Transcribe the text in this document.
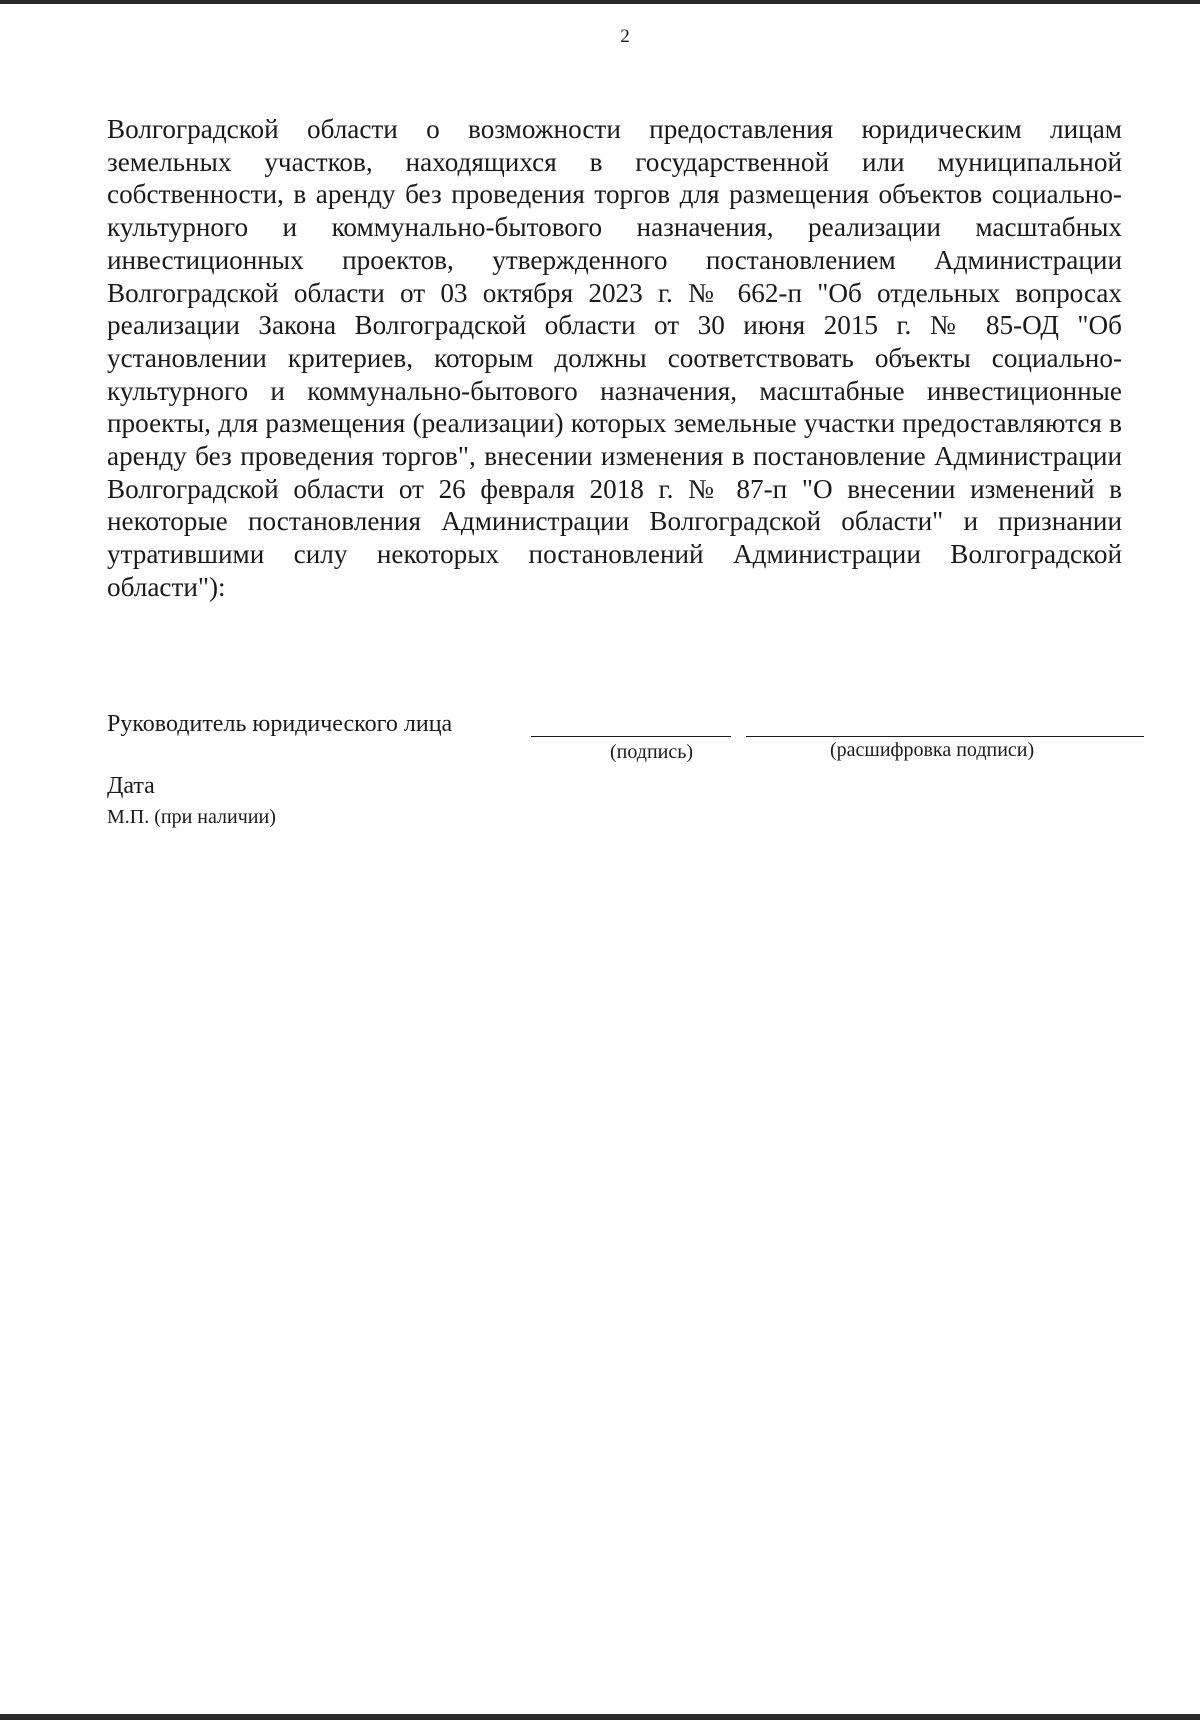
2

Волгоградской области о возможности предоставления юридическим лицам земельных участков, находящихся в государственной или муниципальной собственности, в аренду без проведения торгов для размещения объектов социально-культурного и коммунально-бытового назначения, реализации масштабных инвестиционных проектов, утвержденного постановлением Администрации Волгоградской области от 03 октября 2023 г. № 662-п "Об отдельных вопросах реализации Закона Волгоградской области от 30 июня 2015 г. № 85-ОД "Об установлении критериев, которым должны соответствовать объекты социально-культурного и коммунально-бытового назначения, масштабные инвестиционные проекты, для размещения (реализации) которых земельные участки предоставляются в аренду без проведения торгов", внесении изменения в постановление Администрации Волгоградской области от 26 февраля 2018 г. № 87-п "О внесении изменений в некоторые постановления Администрации Волгоградской области" и признании утратившими силу некоторых постановлений Администрации Волгоградской области"):

Руководитель юридического лица
(подпись)	(расшифровка подписи)
Дата
М.П. (при наличии)
